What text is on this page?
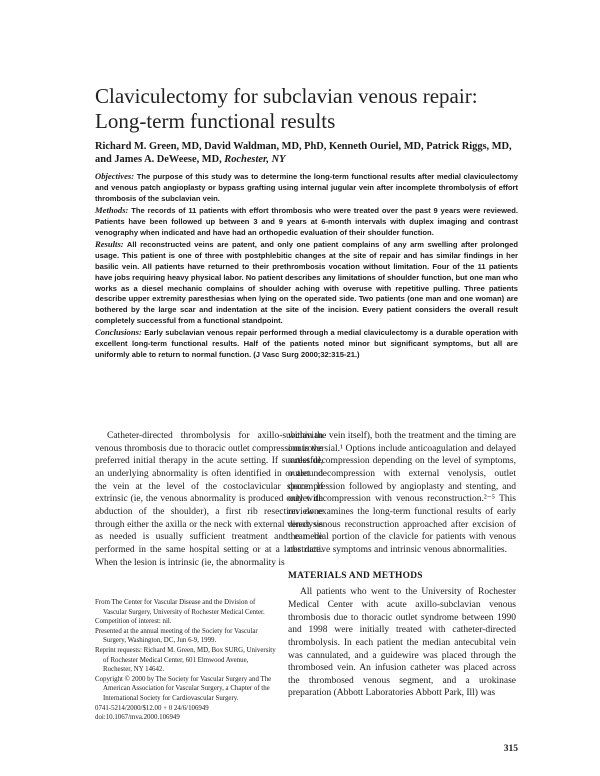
Claviculectomy for subclavian venous repair: Long-term functional results
Richard M. Green, MD, David Waldman, MD, PhD, Kenneth Ouriel, MD, Patrick Riggs, MD, and James A. DeWeese, MD, Rochester, NY

Objectives: The purpose of this study was to determine the long-term functional results after medial claviculectomy and venous patch angioplasty or bypass grafting using internal jugular vein after incomplete thrombolysis of effort thrombosis of the subclavian vein.

Methods: The records of 11 patients with effort thrombosis who were treated over the past 9 years were reviewed. Patients have been followed up between 3 and 9 years at 6-month intervals with duplex imaging and contrast venography when indicated and have had an orthopedic evaluation of their shoulder function.

Results: All reconstructed veins are patent, and only one patient complains of any arm swelling after prolonged usage. This patient is one of three with postphlebitic changes at the site of repair and has similar findings in her basilic vein. All patients have returned to their prethrombosis vocation without limitation. Four of the 11 patients have jobs requiring heavy physical labor. No patient describes any limitations of shoulder function, but one man who works as a diesel mechanic complains of shoulder aching with overuse with repetitive pulling. Three patients describe upper extremity paresthesias when lying on the operated side. Two patients (one man and one woman) are bothered by the large scar and indentation at the site of the incision. Every patient considers the overall result completely successful from a functional standpoint.

Conclusions: Early subclavian venous repair performed through a medial claviculectomy is a durable operation with excellent long-term functional results. Half of the patients noted minor but significant symptoms, but all are uniformly able to return to normal function. (J Vasc Surg 2000;32:315-21.)

Catheter-directed thrombolysis for axillo-subclavian venous thrombosis due to thoracic outlet compression is the preferred initial therapy in the acute setting. If successful, an underlying abnormality is often identified in or around the vein at the level of the costoclavicular space. If extrinsic (ie, the venous abnormality is produced only with abduction of the shoulder), a first rib resection done through either the axilla or the neck with external venolysis as needed is usually sufficient treatment and can be performed in the same hospital setting or at a later date. When the lesion is intrinsic (ie, the abnormality is

within the vein itself), both the treatment and the timing are controversial.¹ Options include anticoagulation and delayed outlet decompression depending on the level of symptoms, outlet decompression with external venolysis, outlet decompression followed by angioplasty and stenting, and outlet decompression with venous reconstruction.²⁻⁵ This review examines the long-term functional results of early direct venous reconstruction approached after excision of the medial portion of the clavicle for patients with venous obstructive symptoms and intrinsic venous abnormalities.

MATERIALS AND METHODS

All patients who went to the University of Rochester Medical Center with acute axillo-subclavian venous thrombosis due to thoracic outlet syndrome between 1990 and 1998 were initially treated with catheter-directed thrombolysis. In each patient the median antecubital vein was cannulated, and a guidewire was placed through the thrombosed vein. An infusion catheter was placed across the thrombosed venous segment, and a urokinase preparation (Abbott Laboratories Abbott Park, Ill) was

From The Center for Vascular Disease and the Division of Vascular Surgery, University of Rochester Medical Center.

Competition of interest: nil.

Presented at the annual meeting of the Society for Vascular Surgery, Washington, DC, Jun 6-9, 1999.

Reprint requests: Richard M. Green, MD, Box SURG, University of Rochester Medical Center, 601 Elmwood Avenue, Rochester, NY 14642.

Copyright © 2000 by The Society for Vascular Surgery and The American Association for Vascular Surgery, a Chapter of the International Society for Cardiovascular Surgery.

0741-5214/2000/$12.00 + 0 24/6/106949

doi:10.1067/mva.2000.106949

315
